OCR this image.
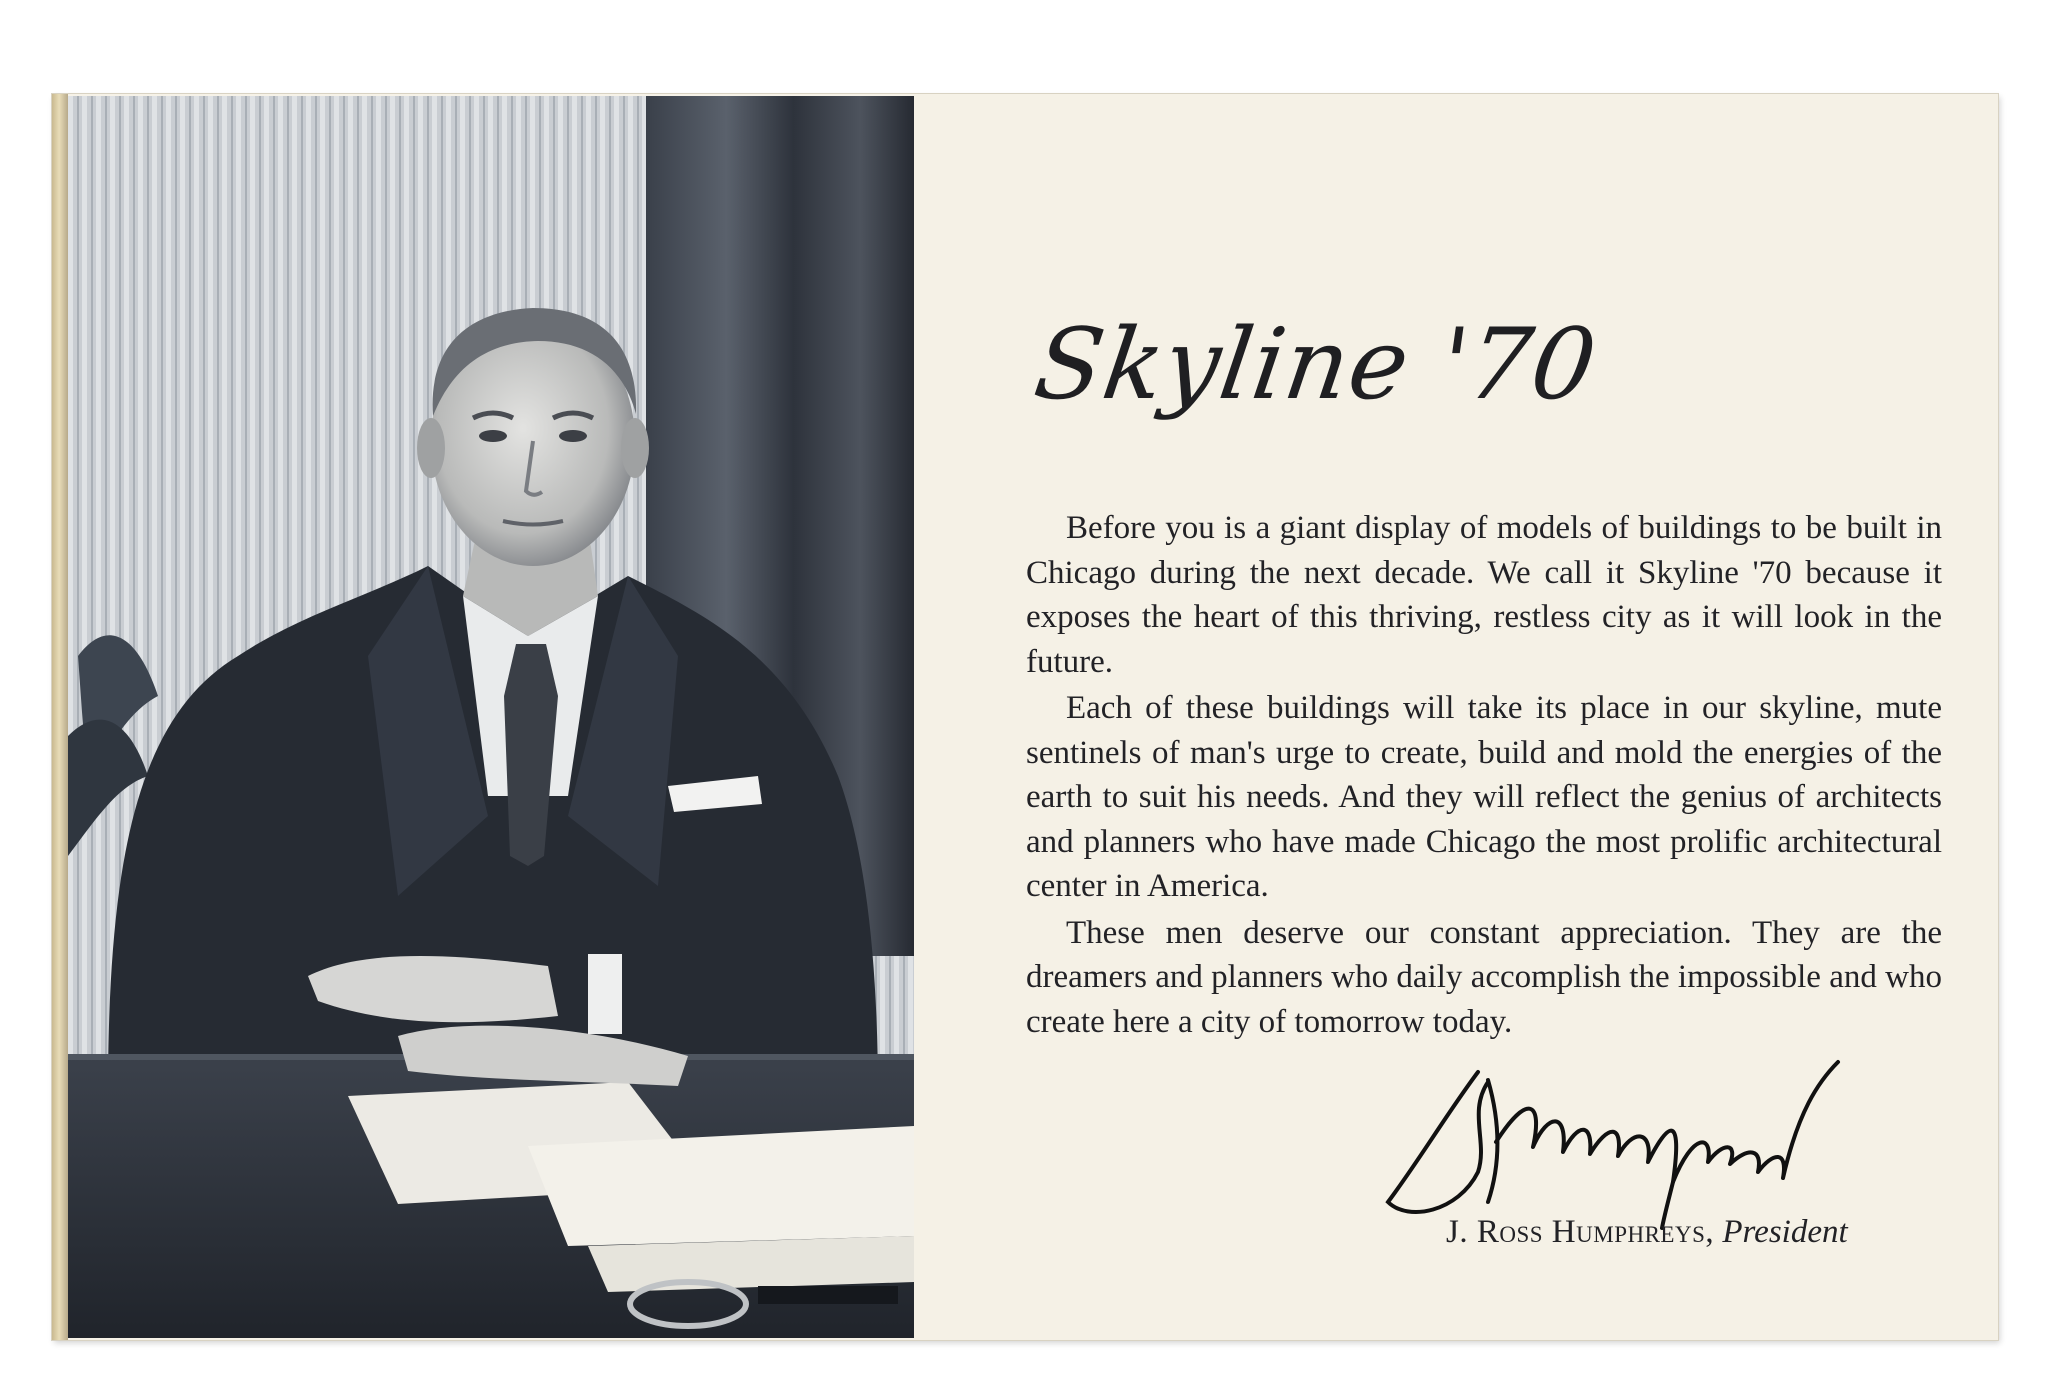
Skyline '70

Before you is a giant display of models of buildings to be built in Chicago during the next decade. We call it Skyline '70 because it exposes the heart of this thriving, restless city as it will look in the future.

Each of these buildings will take its place in our skyline, mute sentinels of man's urge to create, build and mold the energies of the earth to suit his needs. And they will reflect the genius of architects and planners who have made Chicago the most prolific architectural center in America.

These men deserve our constant appreciation. They are the dreamers and planners who daily accomplish the impossible and who create here a city of tomorrow today.

J. Ross Humphreys, President
